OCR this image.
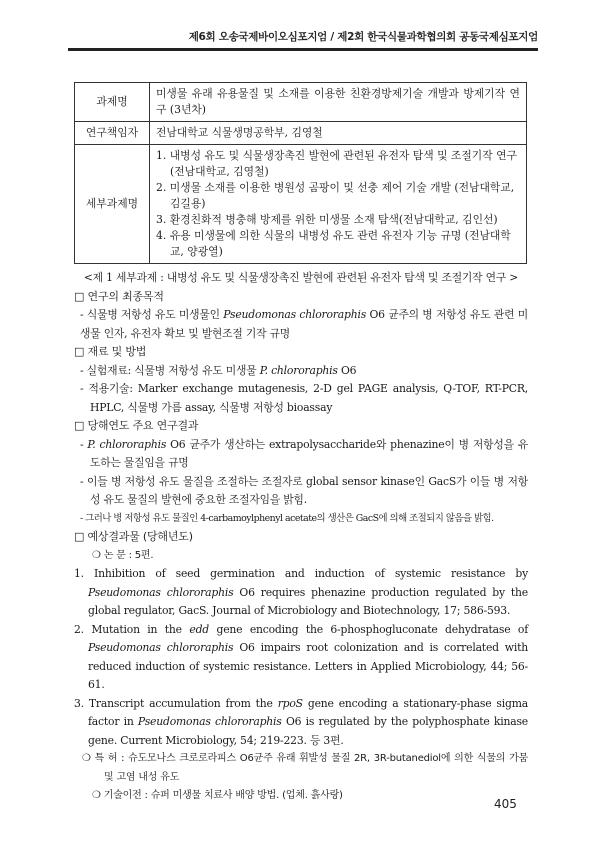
제6회 오송국제바이오심포지엄 / 제2회 한국식물과학협의회 공동국제심포지엄
과제명	미생물 유래 유용물질 및 소재를 이용한 친환경방제기술 개발과 방제기작 연구 (3년차)
연구책임자	전남대학교 식물생명공학부, 김영철
세부과제명	1. 내병성 유도 및 식물생장촉진 발현에 관련된 유전자 탐색 및 조절기작 연구 (전남대학교, 김영철)

2. 미생물 소재를 이용한 병원성 곰팡이 및 선충 제어 기술 개발 (전남대학교, 김길용)

3. 환경친화적 병충해 방제를 위한 미생물 소재 탐색(전남대학교, 김인선)

4. 유용 미생물에 의한 식물의 내병성 유도 관련 유전자 기능 규명 (전남대학교, 양광열)

<제 1 세부과제 : 내병성 유도 및 식물생장촉진 발현에 관련된 유전자 탐색 및 조절기작 연구 >

□ 연구의 최종목적

- 식물병 저항성 유도 미생물인 Pseudomonas chlororaphis O6 균주의 병 저항성 유도 관련 미생물 인자, 유전자 확보 및 발현조절 기작 규명

□ 재료 및 방법

- 실험재료: 식물병 저항성 유도 미생물 P. chlororaphis O6

- 적용기술: Marker exchange mutagenesis, 2-D gel PAGE analysis, Q-TOF, RT-PCR, HPLC, 식물병 가름 assay, 식물병 저항성 bioassay

□ 당해연도 주요 연구결과

- P. chlororaphis O6 균주가 생산하는 extrapolysaccharide와 phenazine이 병 저항성을 유도하는 물질임을 규명

- 이들 병 저항성 유도 물질을 조절하는 조절자로 global sensor kinase인 GacS가 이들 병 저항성 유도 물질의 발현에 중요한 조절자임을 밝힘.

- 그러나 병 저항성 유도 물질인 4-carbamoylphenyl acetate의 생산은 GacS에 의해 조절되지 않음을 밝힘.

□ 예상결과물 (당해년도)

❍ 논 문 : 5편.

1. Inhibition of seed germination and induction of systemic resistance by Pseudomonas chlororaphis O6 requires phenazine production regulated by the global regulator, GacS. Journal of Microbiology and Biotechnology, 17; 586-593.

2. Mutation in the edd gene encoding the 6-phosphogluconate dehydratase of Pseudomonas chlororaphis O6 impairs root colonization and is correlated with reduced induction of systemic resistance. Letters in Applied Microbiology, 44; 56-61.

3. Transcript accumulation from the rpoS gene encoding a stationary-phase sigma factor in Pseudomonas chlororaphis O6 is regulated by the polyphosphate kinase gene. Current Microbiology, 54; 219-223. 등 3편.

❍ 특 허 : 슈도모나스 크로로라피스 O6균주 유래 휘발성 물질 2R, 3R-butanediol에 의한 식물의 가뭄 및 고염 내성 유도

❍ 기술이전 : 슈퍼 미생물 치료사 배양 방법. (업체. 흙사랑)

405
